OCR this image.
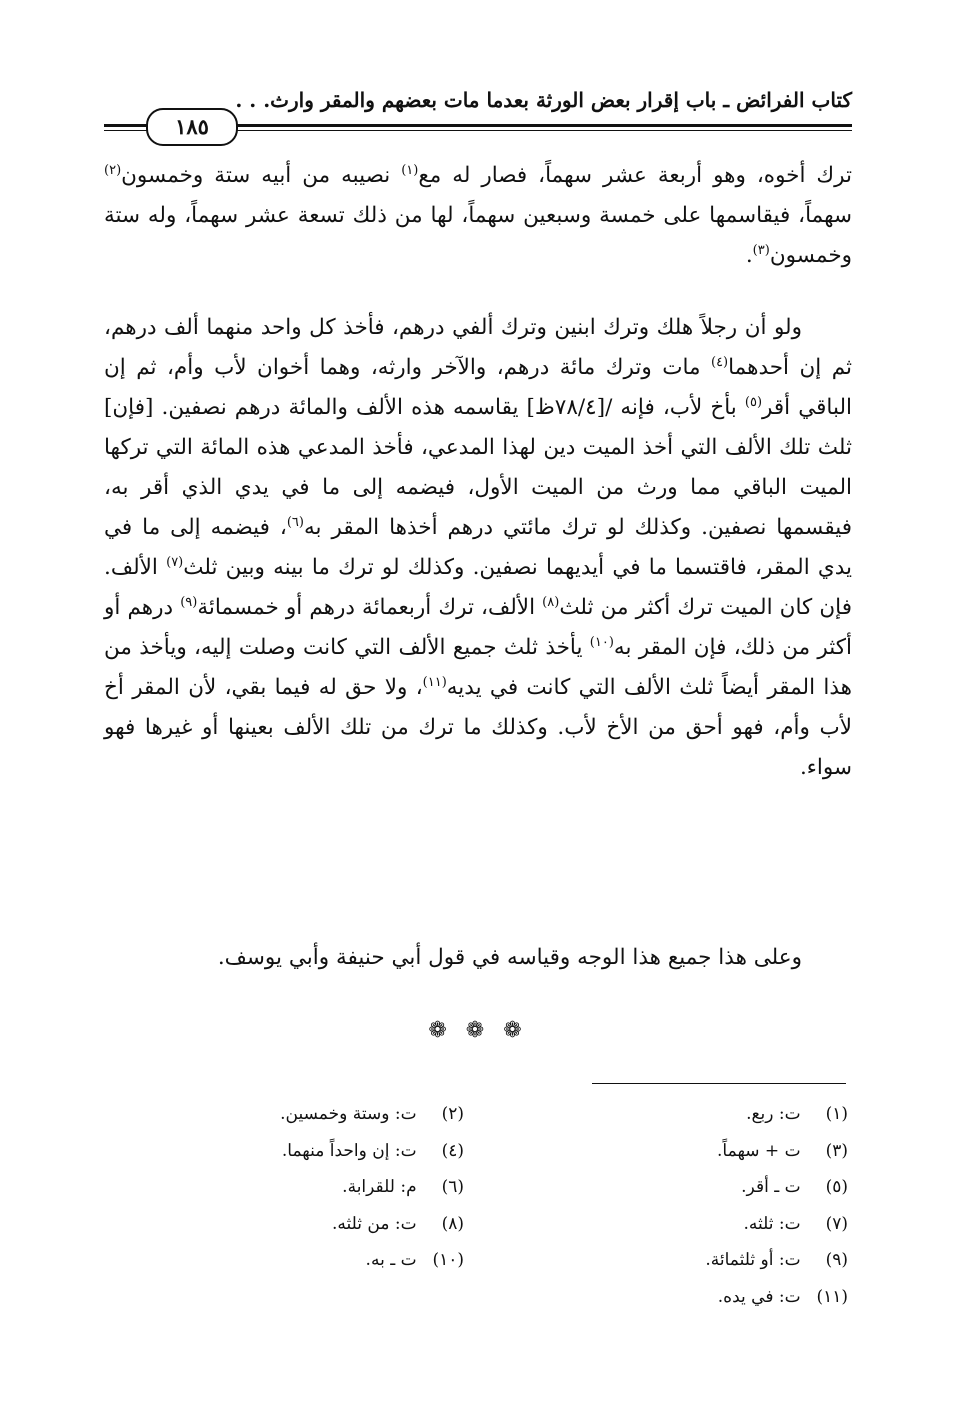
كتاب الفرائض ـ باب إقرار بعض الورثة بعدما مات بعضهم والمقر وارث. . .
١٨٥

ترك أخوه، وهو أربعة عشر سهماً، فصار له مع$^{(١)}$ نصيبه من أبيه ستة وخمسون$^{(٢)}$ سهماً، فيقاسمها على خمسة وسبعين سهماً، لها من ذلك تسعة عشر سهماً، وله ستة وخمسون$^{(٣)}$.

ولو أن رجلاً هلك وترك ابنين وترك ألفي درهم، فأخذ كل واحد منهما ألف درهم، ثم إن أحدهما$^{(٤)}$ مات وترك مائة درهم، والآخر وارثه، وهما أخوان لأب وأم، ثم إن الباقي أقر$^{(٥)}$ بأخ لأب، فإنه /[٧٨/٤ظ] يقاسمه هذه الألف والمائة درهم نصفين. [فإن] ثلث تلك الألف التي أخذ الميت دين لهذا المدعي، فأخذ المدعي هذه المائة التي تركها الميت الباقي مما ورث من الميت الأول، فيضمه إلى ما في يدي الذي أقر به، فيقسمها نصفين. وكذلك لو ترك مائتي درهم أخذها المقر به$^{(٦)}$، فيضمه إلى ما في يدي المقر، فاقتسما ما في أيديهما نصفين. وكذلك لو ترك ما بينه وبين ثلث$^{(٧)}$ الألف. فإن كان الميت ترك أكثر من ثلث$^{(٨)}$ الألف، ترك أربعمائة درهم أو خمسمائة$^{(٩)}$ درهم أو أكثر من ذلك، فإن المقر به$^{(١٠)}$ يأخذ ثلث جميع الألف التي كانت وصلت إليه، ويأخذ من هذا المقر أيضاً ثلث الألف التي كانت في يديه$^{(١١)}$، ولا حق له فيما بقي، لأن المقر أخ لأب وأم، فهو أحق من الأخ لأب. وكذلك ما ترك من تلك الألف بعينها أو غيرها فهو سواء.

وعلى هذا جميع هذا الوجه وقياسه في قول أبي حنيفة وأبي يوسف.

❁ ❁ ❁
(١) ت: ربع.
(٣) ت + سهماً.
(٥) ت ـ أقر.
(٧) ت: ثلثه.
(٩) ت: أو ثلثمائة.
(١١) ت: في يده.
(٢) ت: وستة وخمسين.
(٤) ت: إن واحداً منهما.
(٦) م: للقرابة.
(٨) ت: من ثلثه.
(١٠) ت ـ به.
